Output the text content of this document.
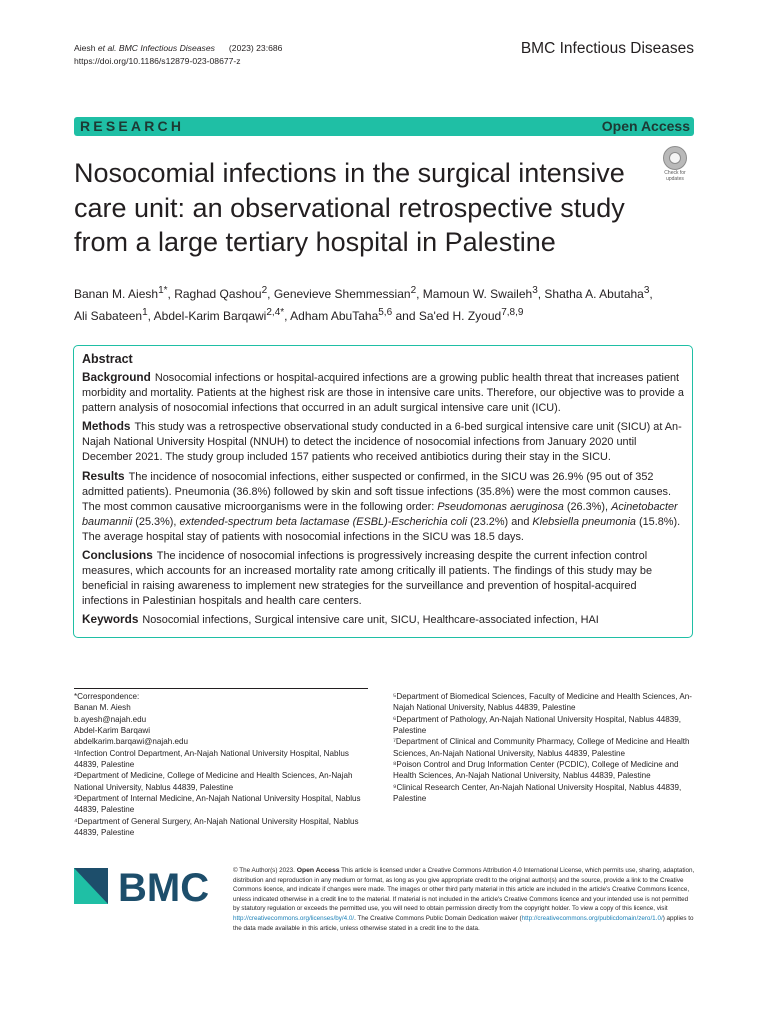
Aiesh et al. BMC Infectious Diseases (2023) 23:686
https://doi.org/10.1186/s12879-023-08677-z
BMC Infectious Diseases
RESEARCH	Open Access
Nosocomial infections in the surgical intensive care unit: an observational retrospective study from a large tertiary hospital in Palestine
Check for
updates
Banan M. Aiesh$^{1*}$, Raghad Qashou$^2$, Genevieve Shemmessian$^2$, Mamoun W. Swaileh$^3$, Shatha A. Abutaha$^3$,
Ali Sabateen$^1$, Abdel-Karim Barqawi$^{2,4*}$, Adham AbuTaha$^{5,6}$ and Sa'ed H. Zyoud$^{7,8,9}$
Abstract

Background Nosocomial infections or hospital-acquired infections are a growing public health threat that increases patient morbidity and mortality. Patients at the highest risk are those in intensive care units. Therefore, our objective was to provide a pattern analysis of nosocomial infections that occurred in an adult surgical intensive care unit (ICU).

Methods This study was a retrospective observational study conducted in a 6-bed surgical intensive care unit (SICU) at An-Najah National University Hospital (NNUH) to detect the incidence of nosocomial infections from January 2020 until December 2021. The study group included 157 patients who received antibiotics during their stay in the SICU.

Results The incidence of nosocomial infections, either suspected or confirmed, in the SICU was 26.9% (95 out of 352 admitted patients). Pneumonia (36.8%) followed by skin and soft tissue infections (35.8%) were the most common causes. The most common causative microorganisms were in the following order: Pseudomonas aeruginosa (26.3%), Acinetobacter baumannii (25.3%), extended-spectrum beta lactamase (ESBL)-Escherichia coli (23.2%) and Klebsiella pneumonia (15.8%). The average hospital stay of patients with nosocomial infections in the SICU was 18.5 days.

Conclusions The incidence of nosocomial infections is progressively increasing despite the current infection control measures, which accounts for an increased mortality rate among critically ill patients. The findings of this study may be beneficial in raising awareness to implement new strategies for the surveillance and prevention of hospital-acquired infections in Palestinian hospitals and health care centers.

Keywords Nosocomial infections, Surgical intensive care unit, SICU, Healthcare-associated infection, HAI

*Correspondence:
Banan M. Aiesh
b.ayesh@najah.edu
Abdel-Karim Barqawi
abdelkarim.barqawi@najah.edu
¹Infection Control Department, An-Najah National University Hospital, Nablus 44839, Palestine
²Department of Medicine, College of Medicine and Health Sciences, An-Najah National University, Nablus 44839, Palestine
³Department of Internal Medicine, An-Najah National University Hospital, Nablus 44839, Palestine
⁴Department of General Surgery, An-Najah National University Hospital, Nablus 44839, Palestine
⁵Department of Biomedical Sciences, Faculty of Medicine and Health Sciences, An-Najah National University, Nablus 44839, Palestine
⁶Department of Pathology, An-Najah National University Hospital, Nablus 44839, Palestine
⁷Department of Clinical and Community Pharmacy, College of Medicine and Health Sciences, An-Najah National University, Nablus 44839, Palestine
⁸Poison Control and Drug Information Center (PCDIC), College of Medicine and Health Sciences, An-Najah National University, Nablus 44839, Palestine
⁹Clinical Research Center, An-Najah National University Hospital, Nablus 44839, Palestine
BMC	© The Author(s) 2023. Open Access This article is licensed under a Creative Commons Attribution 4.0 International License, which permits use, sharing, adaptation, distribution and reproduction in any medium or format, as long as you give appropriate credit to the original author(s) and the source, provide a link to the Creative Commons licence, and indicate if changes were made. The images or other third party material in this article are included in the article's Creative Commons licence, unless indicated otherwise in a credit line to the material. If material is not included in the article's Creative Commons licence and your intended use is not permitted by statutory regulation or exceeds the permitted use, you will need to obtain permission directly from the copyright holder. To view a copy of this licence, visit http://creativecommons.org/licenses/by/4.0/. The Creative Commons Public Domain Dedication waiver (http://creativecommons.org/publicdomain/zero/1.0/) applies to the data made available in this article, unless otherwise stated in a credit line to the data.
